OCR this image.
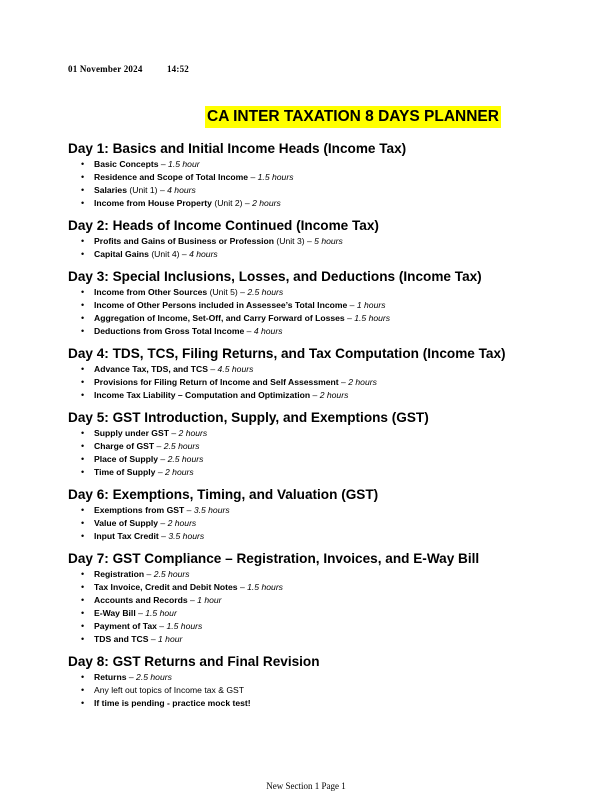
01 November 2024	14:52
CA INTER TAXATION 8 DAYS PLANNER
Day 1: Basics and Initial Income Heads (Income Tax)
• Basic Concepts – 1.5 hour
• Residence and Scope of Total Income – 1.5 hours
• Salaries (Unit 1) – 4 hours
• Income from House Property (Unit 2) – 2 hours
Day 2: Heads of Income Continued (Income Tax)
• Profits and Gains of Business or Profession (Unit 3) – 5 hours
• Capital Gains (Unit 4) – 4 hours
Day 3: Special Inclusions, Losses, and Deductions (Income Tax)
• Income from Other Sources (Unit 5) – 2.5 hours
• Income of Other Persons included in Assessee’s Total Income – 1 hours
• Aggregation of Income, Set-Off, and Carry Forward of Losses – 1.5 hours
• Deductions from Gross Total Income – 4 hours
Day 4: TDS, TCS, Filing Returns, and Tax Computation (Income Tax)
• Advance Tax, TDS, and TCS – 4.5 hours
• Provisions for Filing Return of Income and Self Assessment – 2 hours
• Income Tax Liability – Computation and Optimization – 2 hours
Day 5: GST Introduction, Supply, and Exemptions (GST)
• Supply under GST – 2 hours
• Charge of GST – 2.5 hours
• Place of Supply – 2.5 hours
• Time of Supply – 2 hours
Day 6: Exemptions, Timing, and Valuation (GST)
• Exemptions from GST – 3.5 hours
• Value of Supply – 2 hours
• Input Tax Credit – 3.5 hours
Day 7: GST Compliance – Registration, Invoices, and E-Way Bill
• Registration – 2.5 hours
• Tax Invoice, Credit and Debit Notes – 1.5 hours
• Accounts and Records – 1 hour
• E-Way Bill – 1.5 hour
• Payment of Tax – 1.5 hours
• TDS and TCS – 1 hour
Day 8: GST Returns and Final Revision
• Returns – 2.5 hours
• Any left out topics of Income tax & GST
• If time is pending - practice mock test!
New Section 1 Page 1
